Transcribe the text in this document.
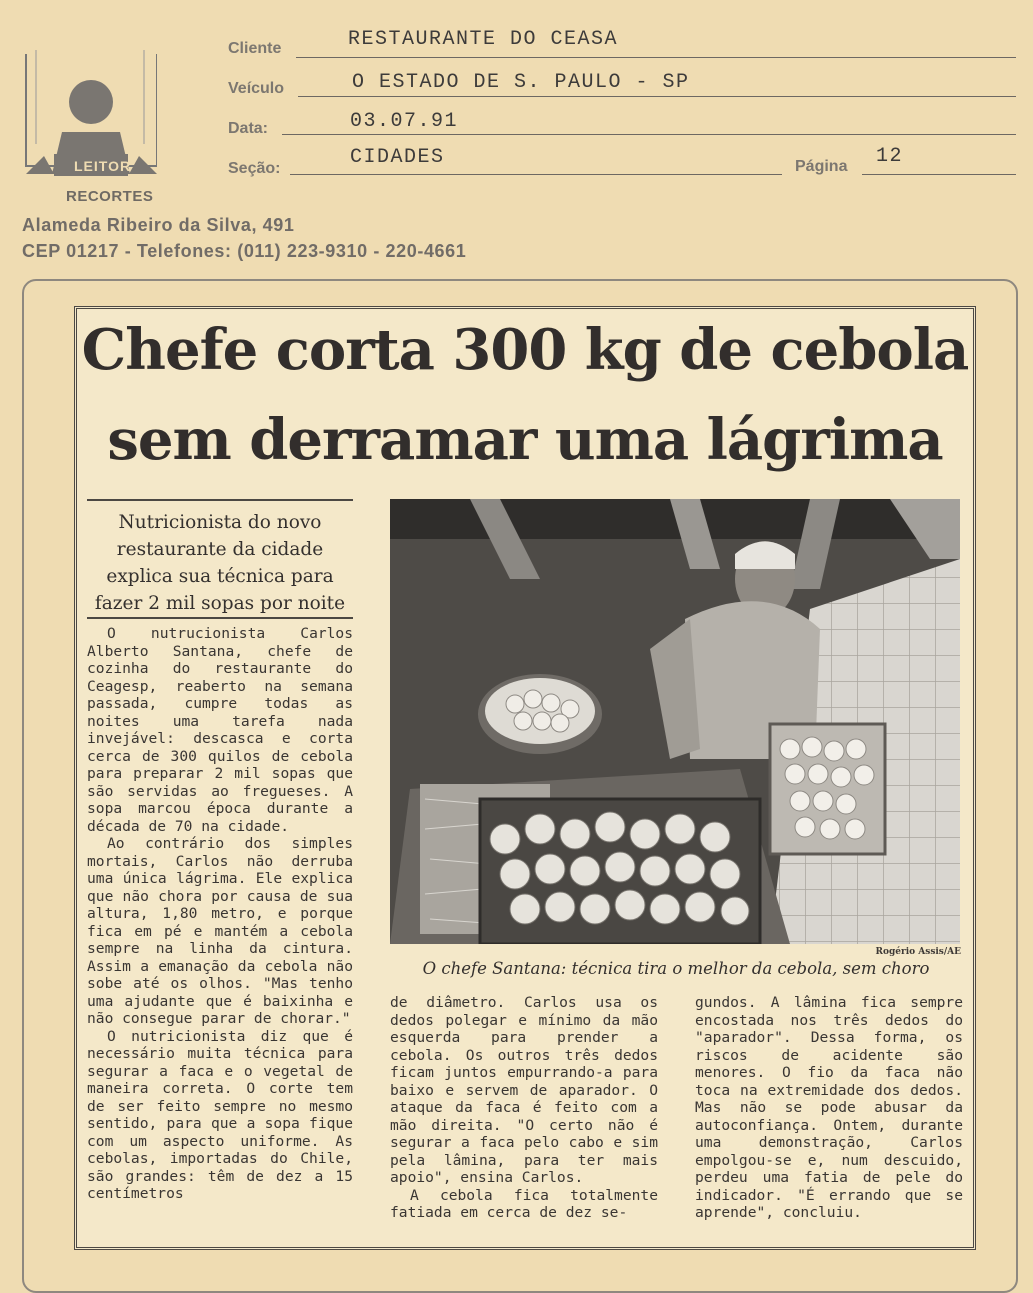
LEITOR
RECORTES
Alameda Ribeiro da Silva, 491
CEP 01217 - Telefones: (011) 223-9310 - 220-4661
Cliente	RESTAURANTE DO CEASA
Veículo	O ESTADO DE S. PAULO - SP
Data:	03.07.91
Seção:	CIDADES	Página 12
Chefe corta 300 kg de cebola
sem derramar uma lágrima
Nutricionista do novo restaurante da cidade explica sua técnica para fazer 2 mil sopas por noite

O nutrucionista Carlos Alberto Santana, chefe de cozinha do restaurante do Ceagesp, reaberto na semana passada, cumpre todas as noites uma tarefa nada invejável: descasca e corta cerca de 300 quilos de cebola para preparar 2 mil sopas que são servidas ao fregueses. A sopa marcou época durante a década de 70 na cidade.

Ao contrário dos simples mortais, Carlos não derruba uma única lágrima. Ele explica que não chora por causa de sua altura, 1,80 metro, e porque fica em pé e mantém a cebola sempre na linha da cintura. Assim a emanação da cebola não sobe até os olhos. "Mas tenho uma ajudante que é baixinha e não consegue parar de chorar."

O nutricionista diz que é necessário muita técnica para segurar a faca e o vegetal de maneira correta. O corte tem de ser feito sempre no mesmo sentido, para que a sopa fique com um aspecto uniforme. As cebolas, importadas do Chile, são grandes: têm de dez a 15 centímetros

Rogério Assis/AE
O chefe Santana: técnica tira o melhor da cebola, sem choro

de diâmetro. Carlos usa os dedos polegar e mínimo da mão esquerda para prender a cebola. Os outros três dedos ficam juntos empurrando-a para baixo e servem de aparador. O ataque da faca é feito com a mão direita. "O certo não é segurar a faca pelo cabo e sim pela lâmina, para ter mais apoio", ensina Carlos.

A cebola fica totalmente fatiada em cerca de dez se-

gundos. A lâmina fica sempre encostada nos três dedos do "aparador". Dessa forma, os riscos de acidente são menores. O fio da faca não toca na extremidade dos dedos. Mas não se pode abusar da autoconfiança. Ontem, durante uma demonstração, Carlos empolgou-se e, num descuido, perdeu uma fatia de pele do indicador. "É errando que se aprende", concluiu.
